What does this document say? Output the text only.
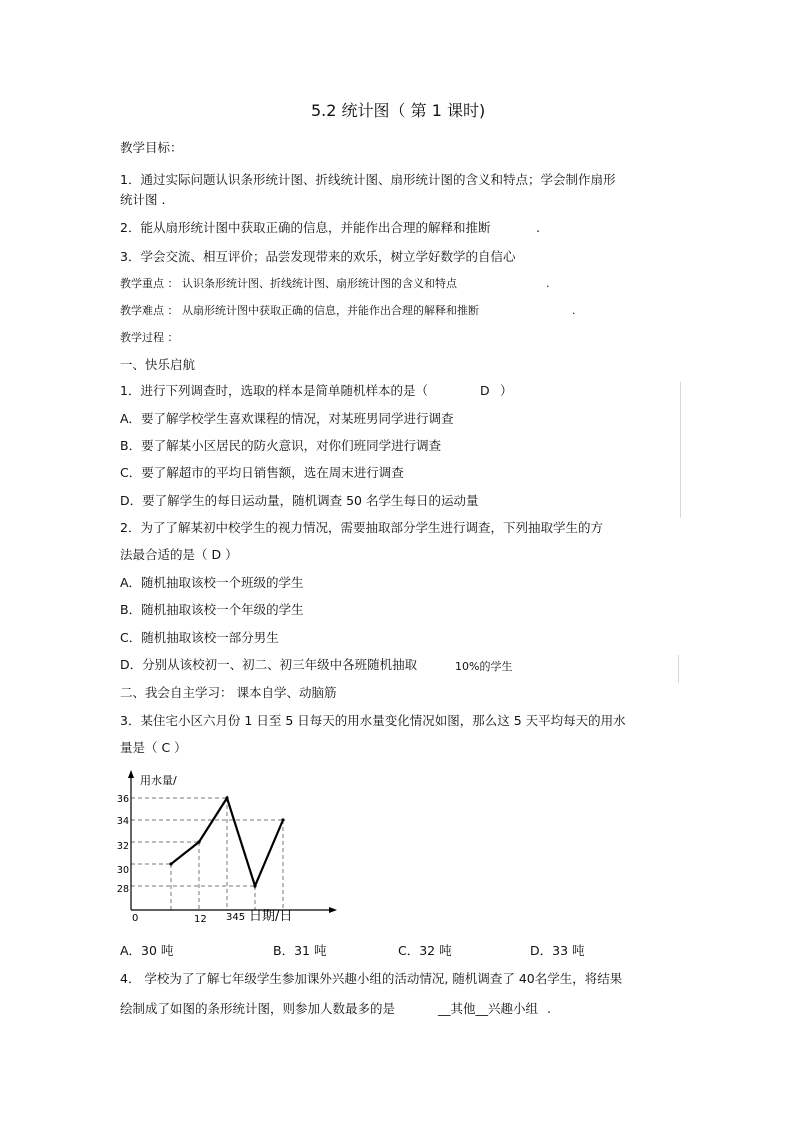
5.2 统计图（ 第 1 课时)
教学目标：
1．通过实际问题认识条形统计图、折线统计图、扇形统计图的含义和特点；学会制作扇形
统计图 .
2．能从扇形统计图中获取正确的信息，并能作出合理的解释和推断	.
3．学会交流、相互评价；品尝发现带来的欢乐，树立学好数学的自信心
教学重点 ： 认识条形统计图、折线统计图、扇形统计图的含义和特点	.
教学难点 ： 从扇形统计图中获取正确的信息，并能作出合理的解释和推断	.
教学过程 ：
一、快乐启航
1．进行下列调查时，选取的样本是简单随机样本的是（	D ）
A．要了解学校学生喜欢课程的情况，对某班男同学进行调查
B．要了解某小区居民的防火意识，对你们班同学进行调查
C．要了解超市的平均日销售额，选在周末进行调查
D．要了解学生的每日运动量，随机调查 50 名学生每日的运动量
2．为了了解某初中校学生的视力情况，需要抽取部分学生进行调查，下列抽取学生的方
法最合适的是（ D ）
A．随机抽取该校一个班级的学生
B．随机抽取该校一个年级的学生
C．随机抽取该校一部分男生
D．分别从该校初一、初二、初三年级中各班随机抽取	10%的学生
二、我会自主学习： 课本自学、动脑筋
3．某住宅小区六月份 1 日至 5 日每天的用水量变化情况如图，那么这 5 天平均每天的用水
量是（ C ）
用水量/
日期/日
0	12 345
36
34
32
30
28
A．30 吨	B．31 吨	C．32 吨	D．33 吨
4． 学校为了了解七年级学生参加课外兴趣小组的活动情况, 随机调查了 40名学生，将结果
绘制成了如图的条形统计图，则参加人数最多的是	__其他__兴趣小组 .
